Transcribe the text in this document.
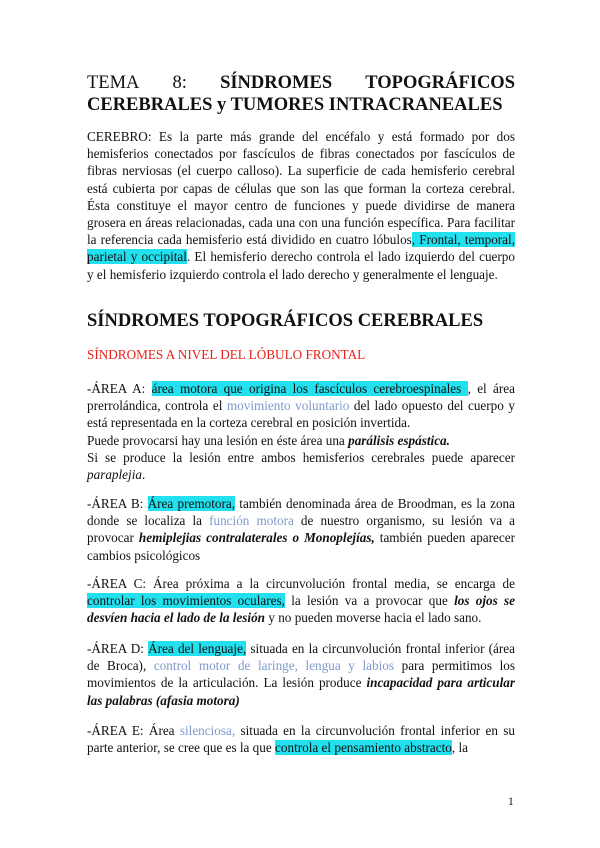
TEMA 8: SÍNDROMES TOPOGRÁFICOS
CEREBRALES y TUMORES INTRACRANEALES

CEREBRO: Es la parte más grande del encéfalo y está formado por dos hemisferios conectados por fascículos de fibras conectados por fascículos de fibras nerviosas (el cuerpo calloso). La superficie de cada hemisferio cerebral está cubierta por capas de células que son las que forman la corteza cerebral. Ésta constituye el mayor centro de funciones y puede dividirse de manera grosera en áreas relacionadas, cada una con una función específica. Para facilitar la referencia cada hemisferio está dividido en cuatro lóbulos, Frontal, temporal, parietal y occipital. El hemisferio derecho controla el lado izquierdo del cuerpo y el hemisferio izquierdo controla el lado derecho y generalmente el lenguaje.

SÍNDROMES TOPOGRÁFICOS CEREBRALES
SÍNDROMES A NIVEL DEL LÓBULO FRONTAL

-ÁREA A: área motora que origina los fascículos cerebroespinales , el área prerrolándica, controla el movimiento voluntario del lado opuesto del cuerpo y está representada en la corteza cerebral en posición invertida.

Puede provocarsi hay una lesión en éste área una parálisis espástica.

Si se produce la lesión entre ambos hemisferios cerebrales puede aparecer paraplejia.

-ÁREA B: Área premotora, también denominada área de Broodman, es la zona donde se localiza la función motora de nuestro organismo, su lesión va a provocar hemiplejias contralaterales o Monoplejías, también pueden aparecer cambios psicológicos

-ÁREA C: Área próxima a la circunvolución frontal media, se encarga de controlar los movimientos oculares, la lesión va a provocar que los ojos se desvíen hacia el lado de la lesión y no pueden moverse hacia el lado sano.

-ÁREA D: Área del lenguaje, situada en la circunvolución frontal inferior (área de Broca), control motor de laringe, lengua y labios para permitimos los movimientos de la articulación. La lesión produce incapacidad para articular las palabras (afasia motora)

-ÁREA E: Área silenciosa, situada en la circunvolución frontal inferior en su parte anterior, se cree que es la que controla el pensamiento abstracto, la

1
